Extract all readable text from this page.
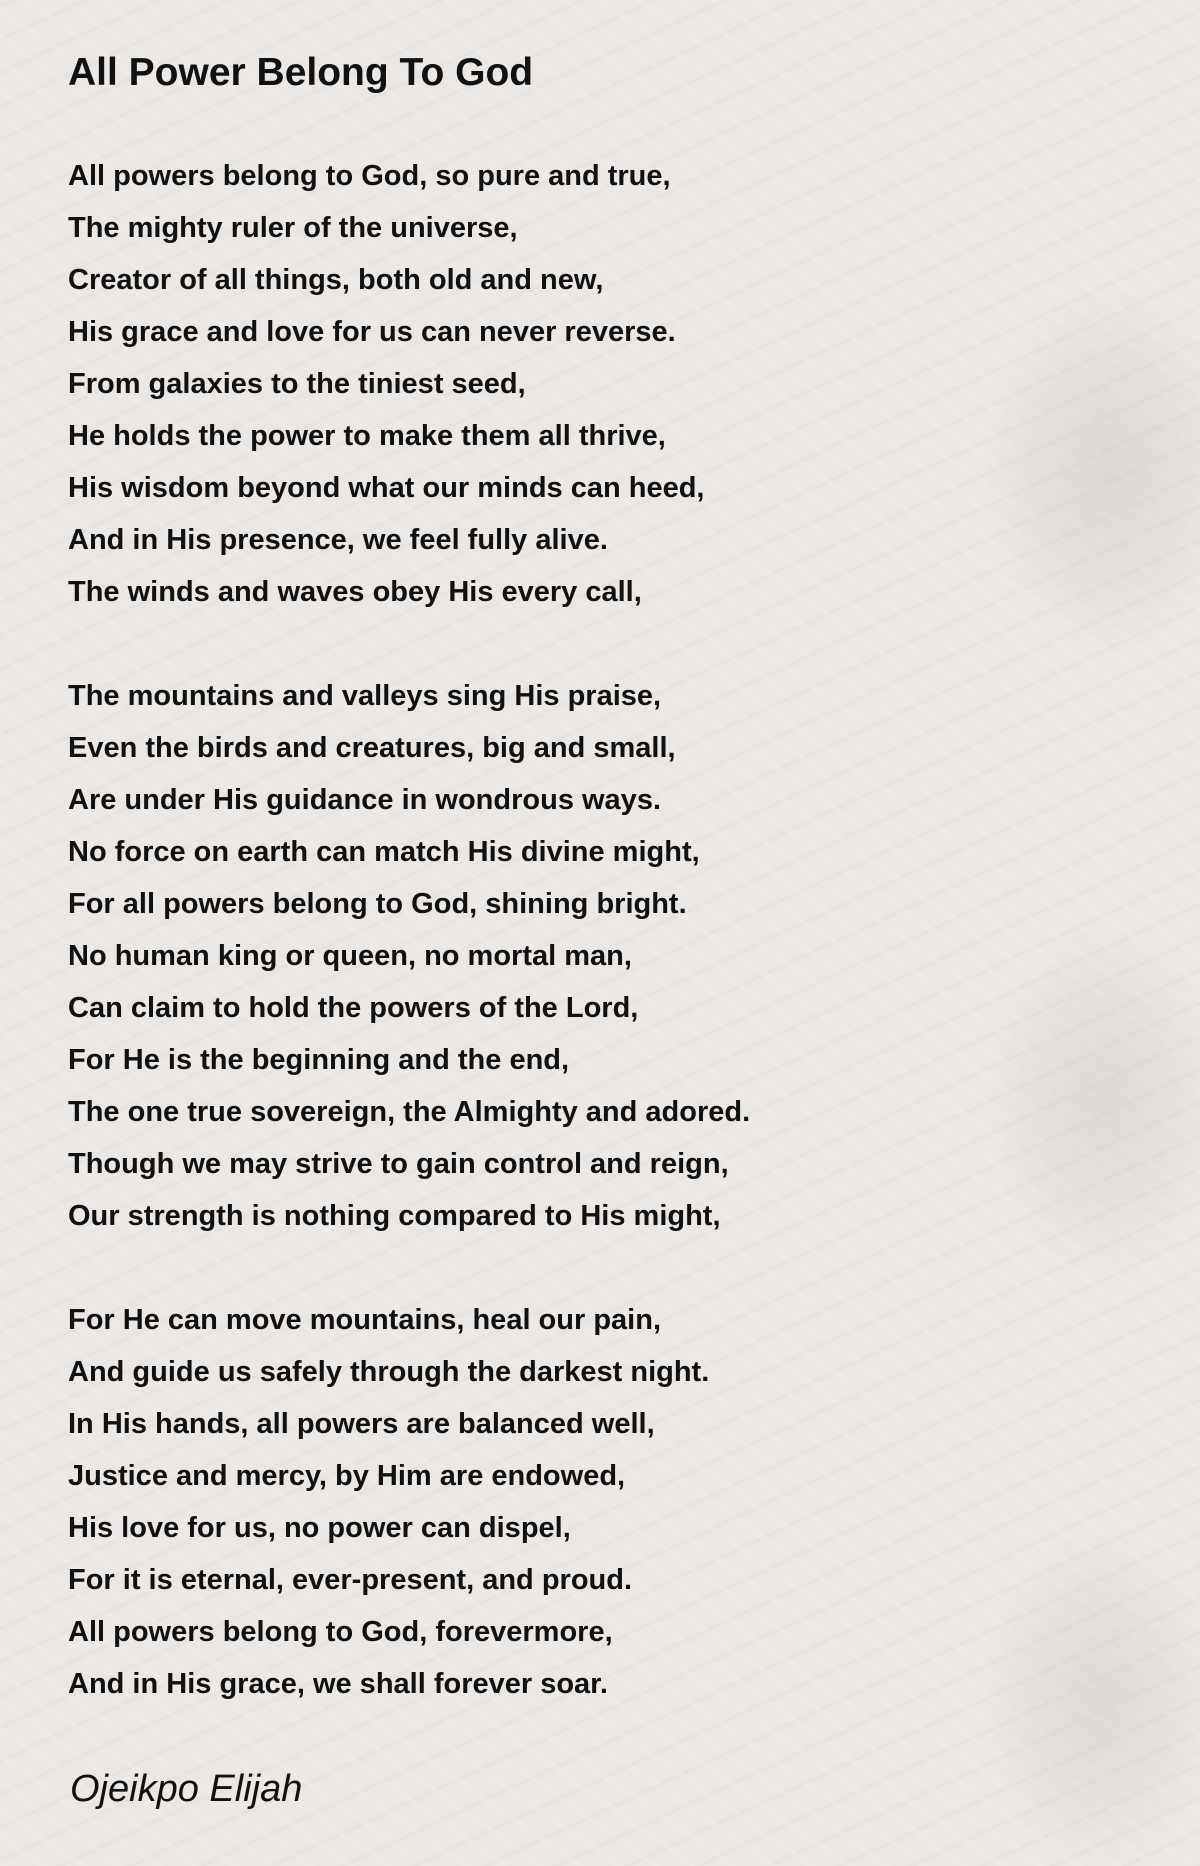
All Power Belong To God
All powers belong to God, so pure and true,
The mighty ruler of the universe,
Creator of all things, both old and new,
His grace and love for us can never reverse.
From galaxies to the tiniest seed,
He holds the power to make them all thrive,
His wisdom beyond what our minds can heed,
And in His presence, we feel fully alive.
The winds and waves obey His every call,
The mountains and valleys sing His praise,
Even the birds and creatures, big and small,
Are under His guidance in wondrous ways.
No force on earth can match His divine might,
For all powers belong to God, shining bright.
No human king or queen, no mortal man,
Can claim to hold the powers of the Lord,
For He is the beginning and the end,
The one true sovereign, the Almighty and adored.
Though we may strive to gain control and reign,
Our strength is nothing compared to His might,
For He can move mountains, heal our pain,
And guide us safely through the darkest night.
In His hands, all powers are balanced well,
Justice and mercy, by Him are endowed,
His love for us, no power can dispel,
For it is eternal, ever-present, and proud.
All powers belong to God, forevermore,
And in His grace, we shall forever soar.
Ojeikpo Elijah
